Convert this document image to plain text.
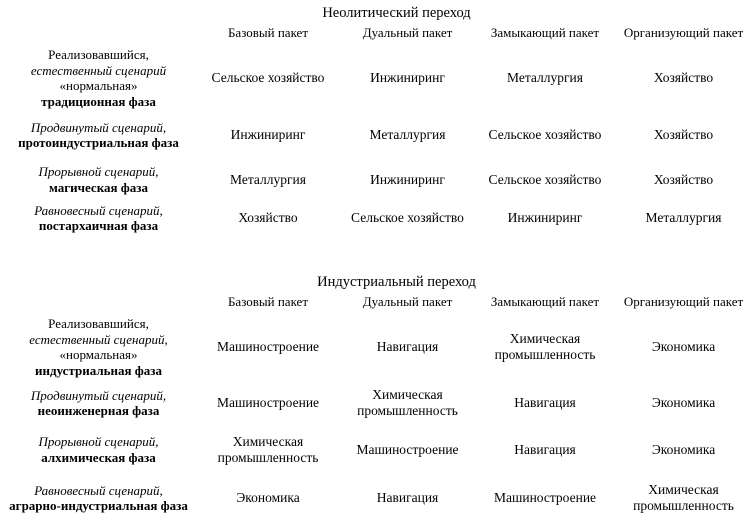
Неолитический переход
	Базовый пакет	Дуальный пакет	Замыкающий пакет	Организующий пакет

Реализовавшийся,
естественный сценарий
«нормальная»
традиционная фаза	Сельское хозяйство	Инжиниринг	Металлургия	Хозяйство

Продвинутый сценарий,
протоиндустриальная фаза	Инжиниринг	Металлургия	Сельское хозяйство	Хозяйство

Прорывной сценарий,
магическая фаза	Металлургия	Инжиниринг	Сельское хозяйство	Хозяйство

Равновесный сценарий,
постархаичная фаза	Хозяйство	Сельское хозяйство	Инжиниринг	Металлургия
Индустриальный переход
	Базовый пакет	Дуальный пакет	Замыкающий пакет	Организующий пакет

Реализовавшийся,
естественный сценарий,
«нормальная»
индустриальная фаза	Машиностроение	Навигация	Химическая промышленность	Экономика

Продвинутый сценарий,
неоинженерная фаза	Машиностроение	Химическая промышленность	Навигация	Экономика

Прорывной сценарий,
алхимическая фаза	Химическая промышленность	Машиностроение	Навигация	Экономика

Равновесный сценарий,
аграрно-индустриальная фаза	Экономика	Навигация	Машиностроение	Химическая промышленность
